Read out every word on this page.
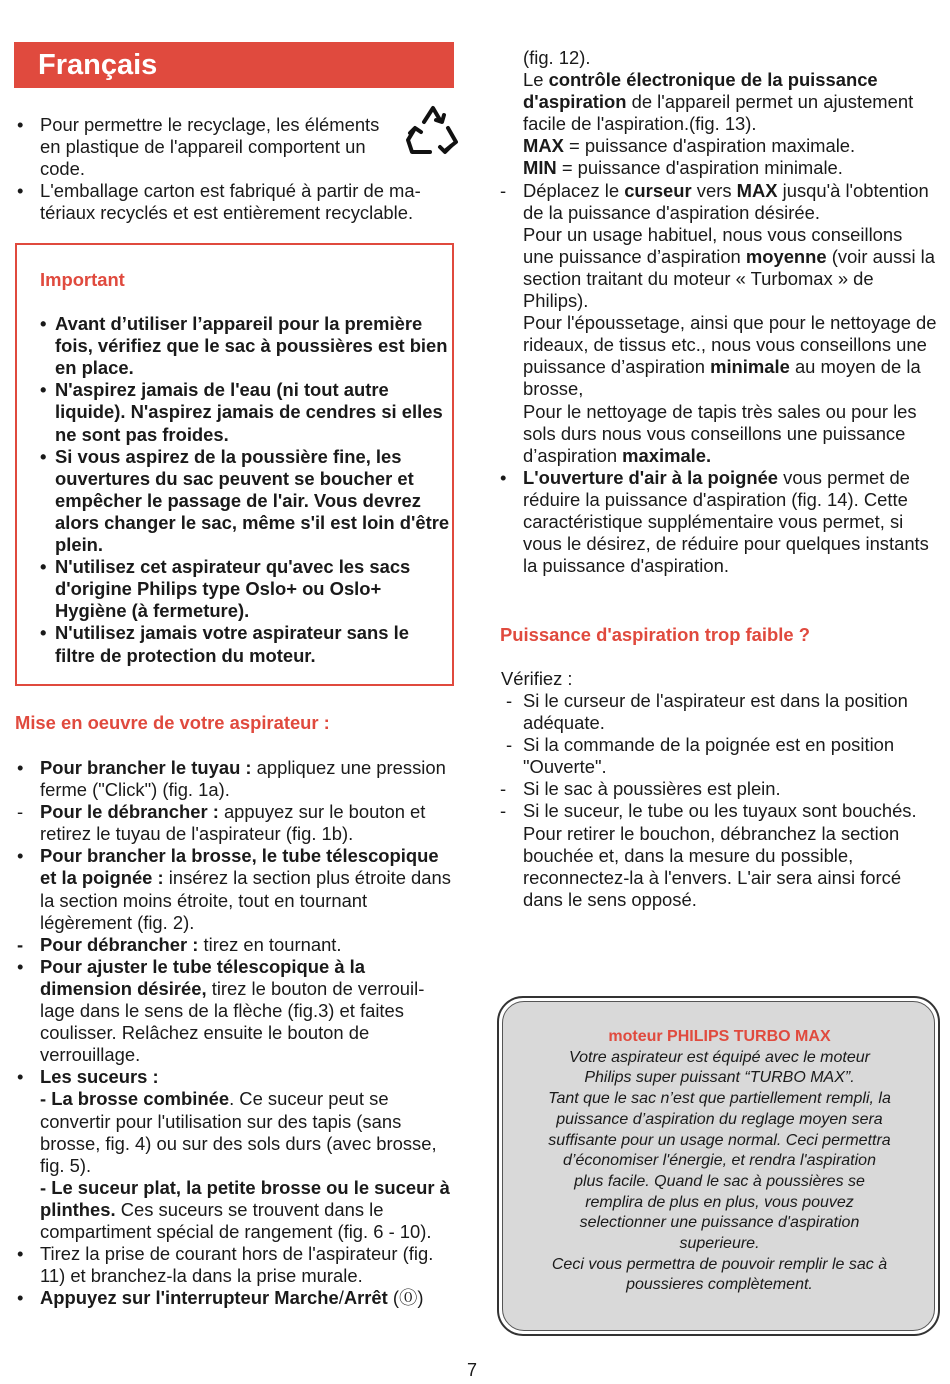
Français
• Pour permettre le recyclage, les éléments en plastique de l'appareil comportent un code.
• L'emballage carton est fabriqué à partir de ma-tériaux recyclés et est entièrement recyclable.
Important
• Avant d’utiliser l’appareil pour la première fois, vérifiez que le sac à poussières est bien en place.
• N'aspirez jamais de l'eau (ni tout autre liquide). N'aspirez jamais de cendres si elles ne sont pas froides.
• Si vous aspirez de la poussière fine, les ouvertures du sac peuvent se boucher et empêcher le passage de l'air. Vous devrez alors changer le sac, même s'il est loin d'être plein.
• N'utilisez cet aspirateur qu'avec les sacs d'origine Philips type Oslo+ ou Oslo+ Hygiène (à fermeture).
• N'utilisez jamais votre aspirateur sans le filtre de protection du moteur.
Mise en oeuvre de votre aspirateur :
• Pour brancher le tuyau : appliquez une pression ferme ("Click") (fig. 1a).
- Pour le débrancher : appuyez sur le bouton et retirez le tuyau de l'aspirateur (fig. 1b).
• Pour brancher la brosse, le tube télescopique et la poignée : insérez la section plus étroite dans la section moins étroite, tout en tournant légèrement (fig. 2).
- Pour débrancher : tirez en tournant.
• Pour ajuster le tube télescopique à la dimension désirée, tirez le bouton de verrouil-lage dans le sens de la flèche (fig.3) et faites coulisser. Relâchez ensuite le bouton de verrouillage.
• Les suceurs :
- La brosse combinée. Ce suceur peut se convertir pour l'utilisation sur des tapis (sans brosse, fig. 4) ou sur des sols durs (avec brosse, fig. 5).
- Le suceur plat, la petite brosse ou le suceur à plinthes. Ces suceurs se trouvent dans le compartiment spécial de rangement (fig. 6 - 10).
• Tirez la prise de courant hors de l'aspirateur (fig. 11) et branchez-la dans la prise murale.
• Appuyez sur l'interrupteur Marche/Arrêt (⓪)
(fig. 12).
Le contrôle électronique de la puissance d'aspiration de l'appareil permet un ajustement facile de l'aspiration.(fig. 13).
MAX = puissance d'aspiration maximale.
MIN = puissance d'aspiration minimale.
- Déplacez le curseur vers MAX jusqu'à l'obtention de la puissance d'aspiration désirée.
Pour un usage habituel, nous vous conseillons une puissance d’aspiration moyenne (voir aussi la section traitant du moteur « Turbomax » de Philips).
Pour l'époussetage, ainsi que pour le nettoyage de rideaux, de tissus etc., nous vous conseillons une puissance d’aspiration minimale au moyen de la brosse,
Pour le nettoyage de tapis très sales ou pour les sols durs nous vous conseillons une puissance d’aspiration maximale.
• L'ouverture d'air à la poignée vous permet de réduire la puissance d'aspiration (fig. 14). Cette caractéristique supplémentaire vous permet, si vous le désirez, de réduire pour quelques instants la puissance d'aspiration.
Puissance d'aspiration trop faible ?
Vérifiez :
- Si le curseur de l'aspirateur est dans la position adéquate.
- Si la commande de la poignée est en position "Ouverte".
- Si le sac à poussières est plein.
- Si le suceur, le tube ou les tuyaux sont bouchés. Pour retirer le bouchon, débranchez la section bouchée et, dans la mesure du possible, reconnectez-la à l'envers. L'air sera ainsi forcé dans le sens opposé.
moteur PHILIPS TURBO MAX
Votre aspirateur est équipé avec le moteur
Philips super puissant “TURBO MAX”.
Tant que le sac n’est que partiellement rempli, la
puissance d’aspiration du reglage moyen sera
suffisante pour un usage normal. Ceci permettra
d’économiser l'énergie, et rendra l'aspiration
plus facile. Quand le sac à poussières se
remplira de plus en plus, vous pouvez
selectionner une puissance d'aspiration
superieure.
Ceci vous permettra de pouvoir remplir le sac à
poussieres complètement.
7
